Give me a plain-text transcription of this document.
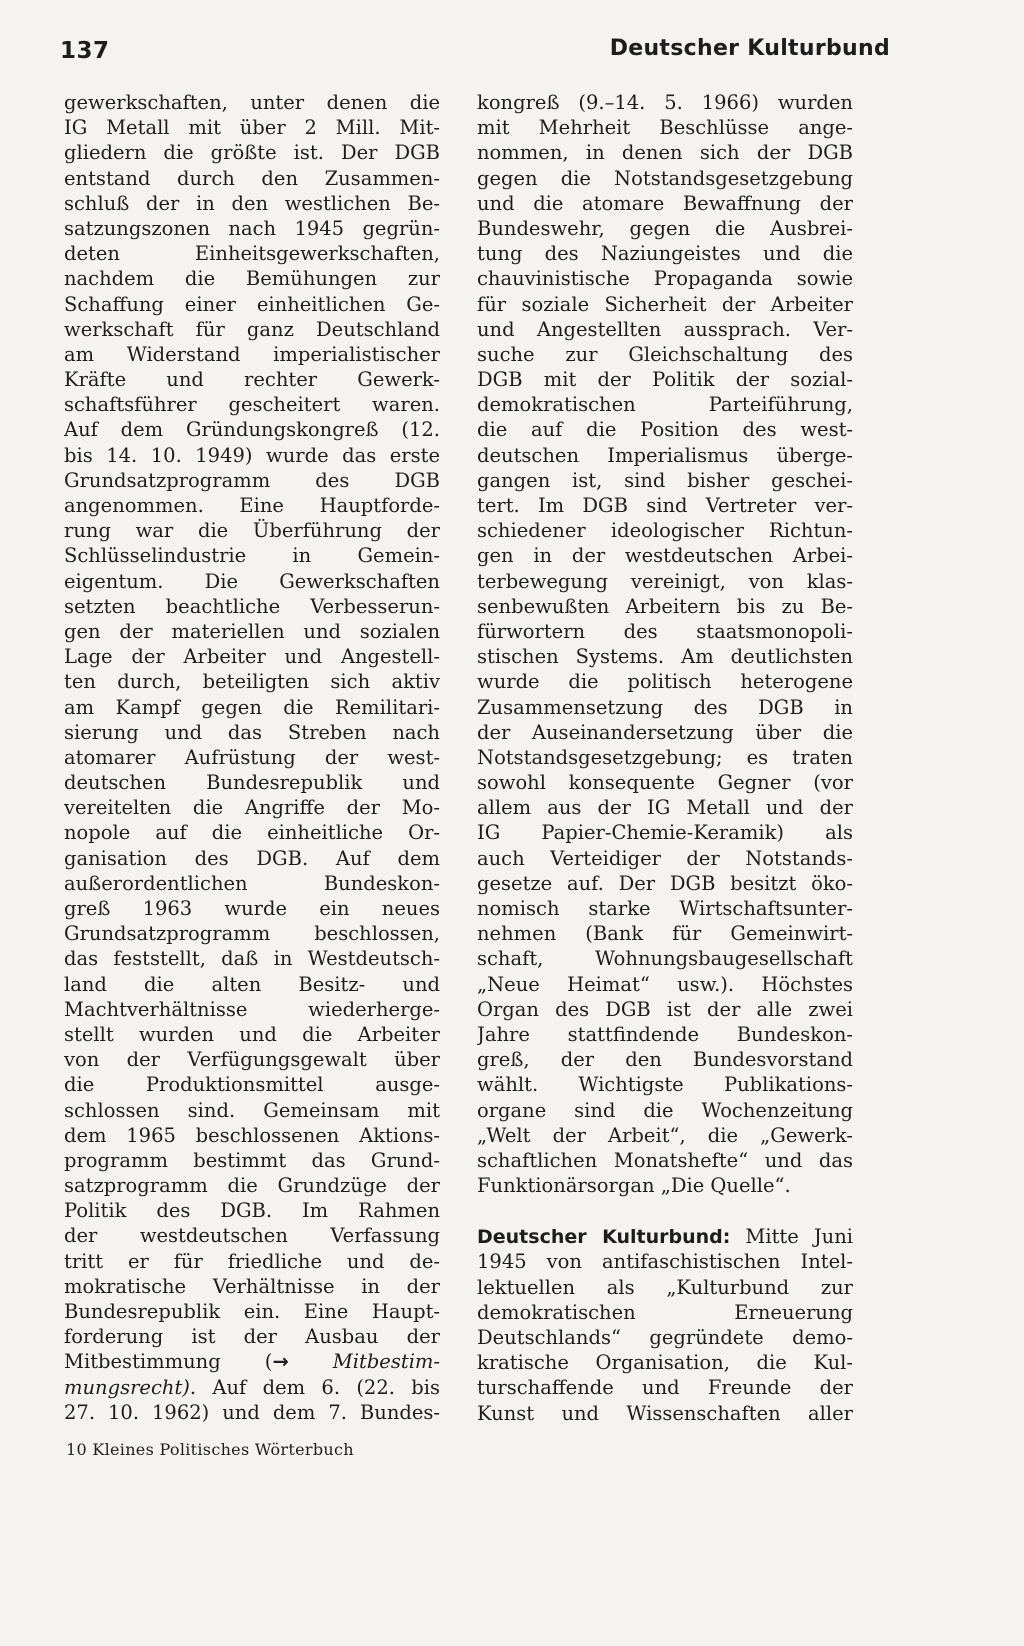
137	Deutscher Kulturbund
gewerkschaften, unter denen die
IG Metall mit über 2 Mill. Mit-
gliedern die größte ist. Der DGB
entstand durch den Zusammen-
schluß der in den westlichen Be-
satzungszonen nach 1945 gegrün-
deten Einheitsgewerkschaften,
nachdem die Bemühungen zur
Schaffung einer einheitlichen Ge-
werkschaft für ganz Deutschland
am Widerstand imperialistischer
Kräfte und rechter Gewerk-
schaftsführer gescheitert waren.
Auf dem Gründungskongreß (12.
bis 14. 10. 1949) wurde das erste
Grundsatzprogramm des DGB
angenommen. Eine Hauptforde-
rung war die Überführung der
Schlüsselindustrie in Gemein-
eigentum. Die Gewerkschaften
setzten beachtliche Verbesserun-
gen der materiellen und sozialen
Lage der Arbeiter und Angestell-
ten durch, beteiligten sich aktiv
am Kampf gegen die Remilitari-
sierung und das Streben nach
atomarer Aufrüstung der west-
deutschen Bundesrepublik und
vereitelten die Angriffe der Mo-
nopole auf die einheitliche Or-
ganisation des DGB. Auf dem
außerordentlichen Bundeskon-
greß 1963 wurde ein neues
Grundsatzprogramm beschlossen,
das feststellt, daß in Westdeutsch-
land die alten Besitz- und
Machtverhältnisse wiederherge-
stellt wurden und die Arbeiter
von der Verfügungsgewalt über
die Produktionsmittel ausge-
schlossen sind. Gemeinsam mit
dem 1965 beschlossenen Aktions-
programm bestimmt das Grund-
satzprogramm die Grundzüge der
Politik des DGB. Im Rahmen
der westdeutschen Verfassung
tritt er für friedliche und de-
mokratische Verhältnisse in der
Bundesrepublik ein. Eine Haupt-
forderung ist der Ausbau der
Mitbestimmung (→ Mitbestim-
mungsrecht). Auf dem 6. (22. bis
27. 10. 1962) und dem 7. Bundes-
kongreß (9.–14. 5. 1966) wurden
mit Mehrheit Beschlüsse ange-
nommen, in denen sich der DGB
gegen die Notstandsgesetzgebung
und die atomare Bewaffnung der
Bundeswehr, gegen die Ausbrei-
tung des Naziungeistes und die
chauvinistische Propaganda sowie
für soziale Sicherheit der Arbeiter
und Angestellten aussprach. Ver-
suche zur Gleichschaltung des
DGB mit der Politik der sozial-
demokratischen Parteiführung,
die auf die Position des west-
deutschen Imperialismus überge-
gangen ist, sind bisher geschei-
tert. Im DGB sind Vertreter ver-
schiedener ideologischer Richtun-
gen in der westdeutschen Arbei-
terbewegung vereinigt, von klas-
senbewußten Arbeitern bis zu Be-
fürwortern des staatsmonopoli-
stischen Systems. Am deutlichsten
wurde die politisch heterogene
Zusammensetzung des DGB in
der Auseinandersetzung über die
Notstandsgesetzgebung; es traten
sowohl konsequente Gegner (vor
allem aus der IG Metall und der
IG Papier-Chemie-Keramik) als
auch Verteidiger der Notstands-
gesetze auf. Der DGB besitzt öko-
nomisch starke Wirtschaftsunter-
nehmen (Bank für Gemeinwirt-
schaft, Wohnungsbaugesellschaft
„Neue Heimat“ usw.). Höchstes
Organ des DGB ist der alle zwei
Jahre stattfindende Bundeskon-
greß, der den Bundesvorstand
wählt. Wichtigste Publikations-
organe sind die Wochenzeitung
„Welt der Arbeit“, die „Gewerk-
schaftlichen Monatshefte“ und das
Funktionärsorgan „Die Quelle“.
Deutscher Kulturbund: Mitte Juni
1945 von antifaschistischen Intel-
lektuellen als „Kulturbund zur
demokratischen Erneuerung
Deutschlands“ gegründete demo-
kratische Organisation, die Kul-
turschaffende und Freunde der
Kunst und Wissenschaften aller
10 Kleines Politisches Wörterbuch
